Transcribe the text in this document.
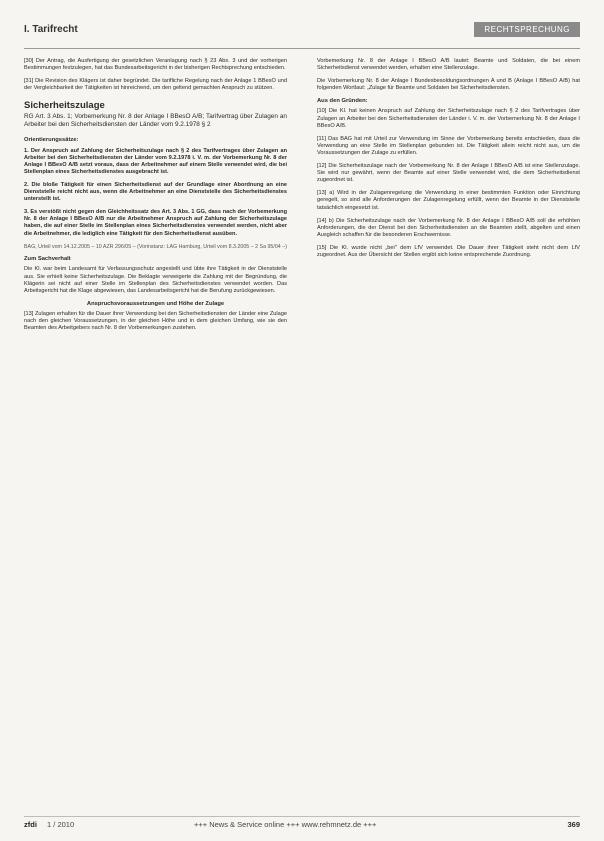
I. Tarifrecht	RECHTSPRECHUNG

[30] Der Antrag, die Ausfertigung der gesetzlichen Veranlagung nach § 23 Abs. 3 und der vorherigen Bestimmungen festzulegen, hat das Bundesarbeitsgericht in der bisherigen Rechtsprechung entschieden.

[31] Die Revision des Klägers ist daher begründet. Die tarifliche Regelung nach der Anlage 1 BBesO und der Vergleichbarkeit der Tätigkeiten ist hinreichend, um den geltend gemachten Anspruch zu stützen.

Sicherheitszulage
RG Art. 3 Abs. 1; Vorbemerkung Nr. 8 der Anlage I BBesO A/B; Tarifvertrag über Zulagen an Arbeiter bei den Sicherheitsdiensten der Länder vom 9.2.1978 § 2
Orientierungssätze:

1. Der Anspruch auf Zahlung der Sicherheitszulage nach § 2 des Tarifvertrages über Zulagen an Arbeiter bei den Sicherheitsdiensten der Länder vom 9.2.1978 i. V. m. der Vorbemerkung Nr. 8 der Anlage I BBesO A/B setzt voraus, dass der Arbeitnehmer auf einem Stelle verwendet wird, die bei Stellenplan eines Sicherheitsdienstes ausgebracht ist.

2. Die bloße Tätigkeit für einen Sicherheitsdienst auf der Grundlage einer Abordnung an eine Dienststelle reicht nicht aus, wenn die Arbeitnehmer an eine Dienststelle des Sicherheitsdienstes unterstellt ist.

3. Es verstößt nicht gegen den Gleichheitssatz des Art. 3 Abs. 1 GG, dass nach der Vorbemerkung Nr. 8 der Anlage I BBesO A/B nur die Arbeitnehmer Anspruch auf Zahlung der Sicherheitszulage haben, die auf einer Stelle im Stellenplan eines Sicherheitsdienstes verwendet werden, nicht aber die Arbeitnehmer, die lediglich eine Tätigkeit für den Sicherheitsdienst ausüben.

BAG, Urteil vom 14.12.2005 – 10 AZR 296/05 – (Vorinstanz: LAG Hamburg, Urteil vom 8.3.2005 – 2 Sa 95/04 –)

Zum Sachverhalt

Die Kl. war beim Landesamt für Verfassungsschutz angestellt und übte ihre Tätigkeit in der Dienststelle aus. Sie erhielt keine Sicherheitszulage. Die Beklagte verweigerte die Zahlung mit der Begründung, die Klägerin sei nicht auf einer Stelle im Stellenplan des Sicherheitsdienstes verwendet worden. Das Arbeitsgericht hat die Klage abgewiesen, das Landesarbeitsgericht hat die Berufung zurückgewiesen.

Anspruchsvoraussetzungen und Höhe der Zulage

[13] Zulagen erhalten für die Dauer ihrer Verwendung bei den Sicherheitsdiensten der Länder eine Zulage nach den gleichen Voraussetzungen, in der gleichen Höhe und in dem gleichen Umfang, wie sie den Beamten des Arbeitgebers nach Nr. 8 der Vorbemerkungen zustehen.

Vorbemerkung Nr. 8 der Anlage I BBesO A/B lautet: Beamte und Soldaten, die bei einem Sicherheitsdienst verwendet werden, erhalten eine Stellenzulage.

Die Vorbemerkung Nr. 8 der Anlage I Bundesbesoldungsordnungen A und B (Anlage I BBesO A/B) hat folgenden Wortlaut: „Zulage für Beamte und Soldaten bei Sicherheitsdiensten.

Aus den Gründen:

[10] Die Kl. hat keinen Anspruch auf Zahlung der Sicherheitszulage nach § 2 des Tarifvertrages über Zulagen an Arbeiter bei den Sicherheitsdiensten der Länder i. V. m. der Vorbemerkung Nr. 8 der Anlage I BBesO A/B.

[11] Das BAG hat mit Urteil zur Verwendung im Sinne der Vorbemerkung bereits entschieden, dass die Verwendung an eine Stelle im Stellenplan gebunden ist. Die Tätigkeit allein reicht nicht aus, um die Voraussetzungen der Zulage zu erfüllen.

[12] Die Sicherheitszulage nach der Vorbemerkung Nr. 8 der Anlage I BBesO A/B ist eine Stellenzulage. Sie wird nur gewährt, wenn der Beamte auf einer Stelle verwendet wird, die dem Sicherheitsdienst zugeordnet ist.

[13] a) Wird in der Zulagenregelung die Verwendung in einer bestimmten Funktion oder Einrichtung geregelt, so sind alle Anforderungen der Zulagenregelung erfüllt, wenn der Beamte in der Dienststelle tatsächlich eingesetzt ist.

[14] b) Die Sicherheitszulage nach der Vorbemerkung Nr. 8 der Anlage I BBesO A/B soll die erhöhten Anforderungen, die der Dienst bei den Sicherheitsdiensten an die Beamten stellt, abgelten und einen Ausgleich schaffen für die besonderen Erschwernisse.

[15] Die Kl. wurde nicht „bei" dem LfV verwendet. Die Dauer ihrer Tätigkeit steht nicht dem LfV zugeordnet. Aus der Übersicht der Stellen ergibt sich keine entsprechende Zuordnung.

zfdi 1 / 2010	+++ News & Service online +++ www.rehmnetz.de +++	369
